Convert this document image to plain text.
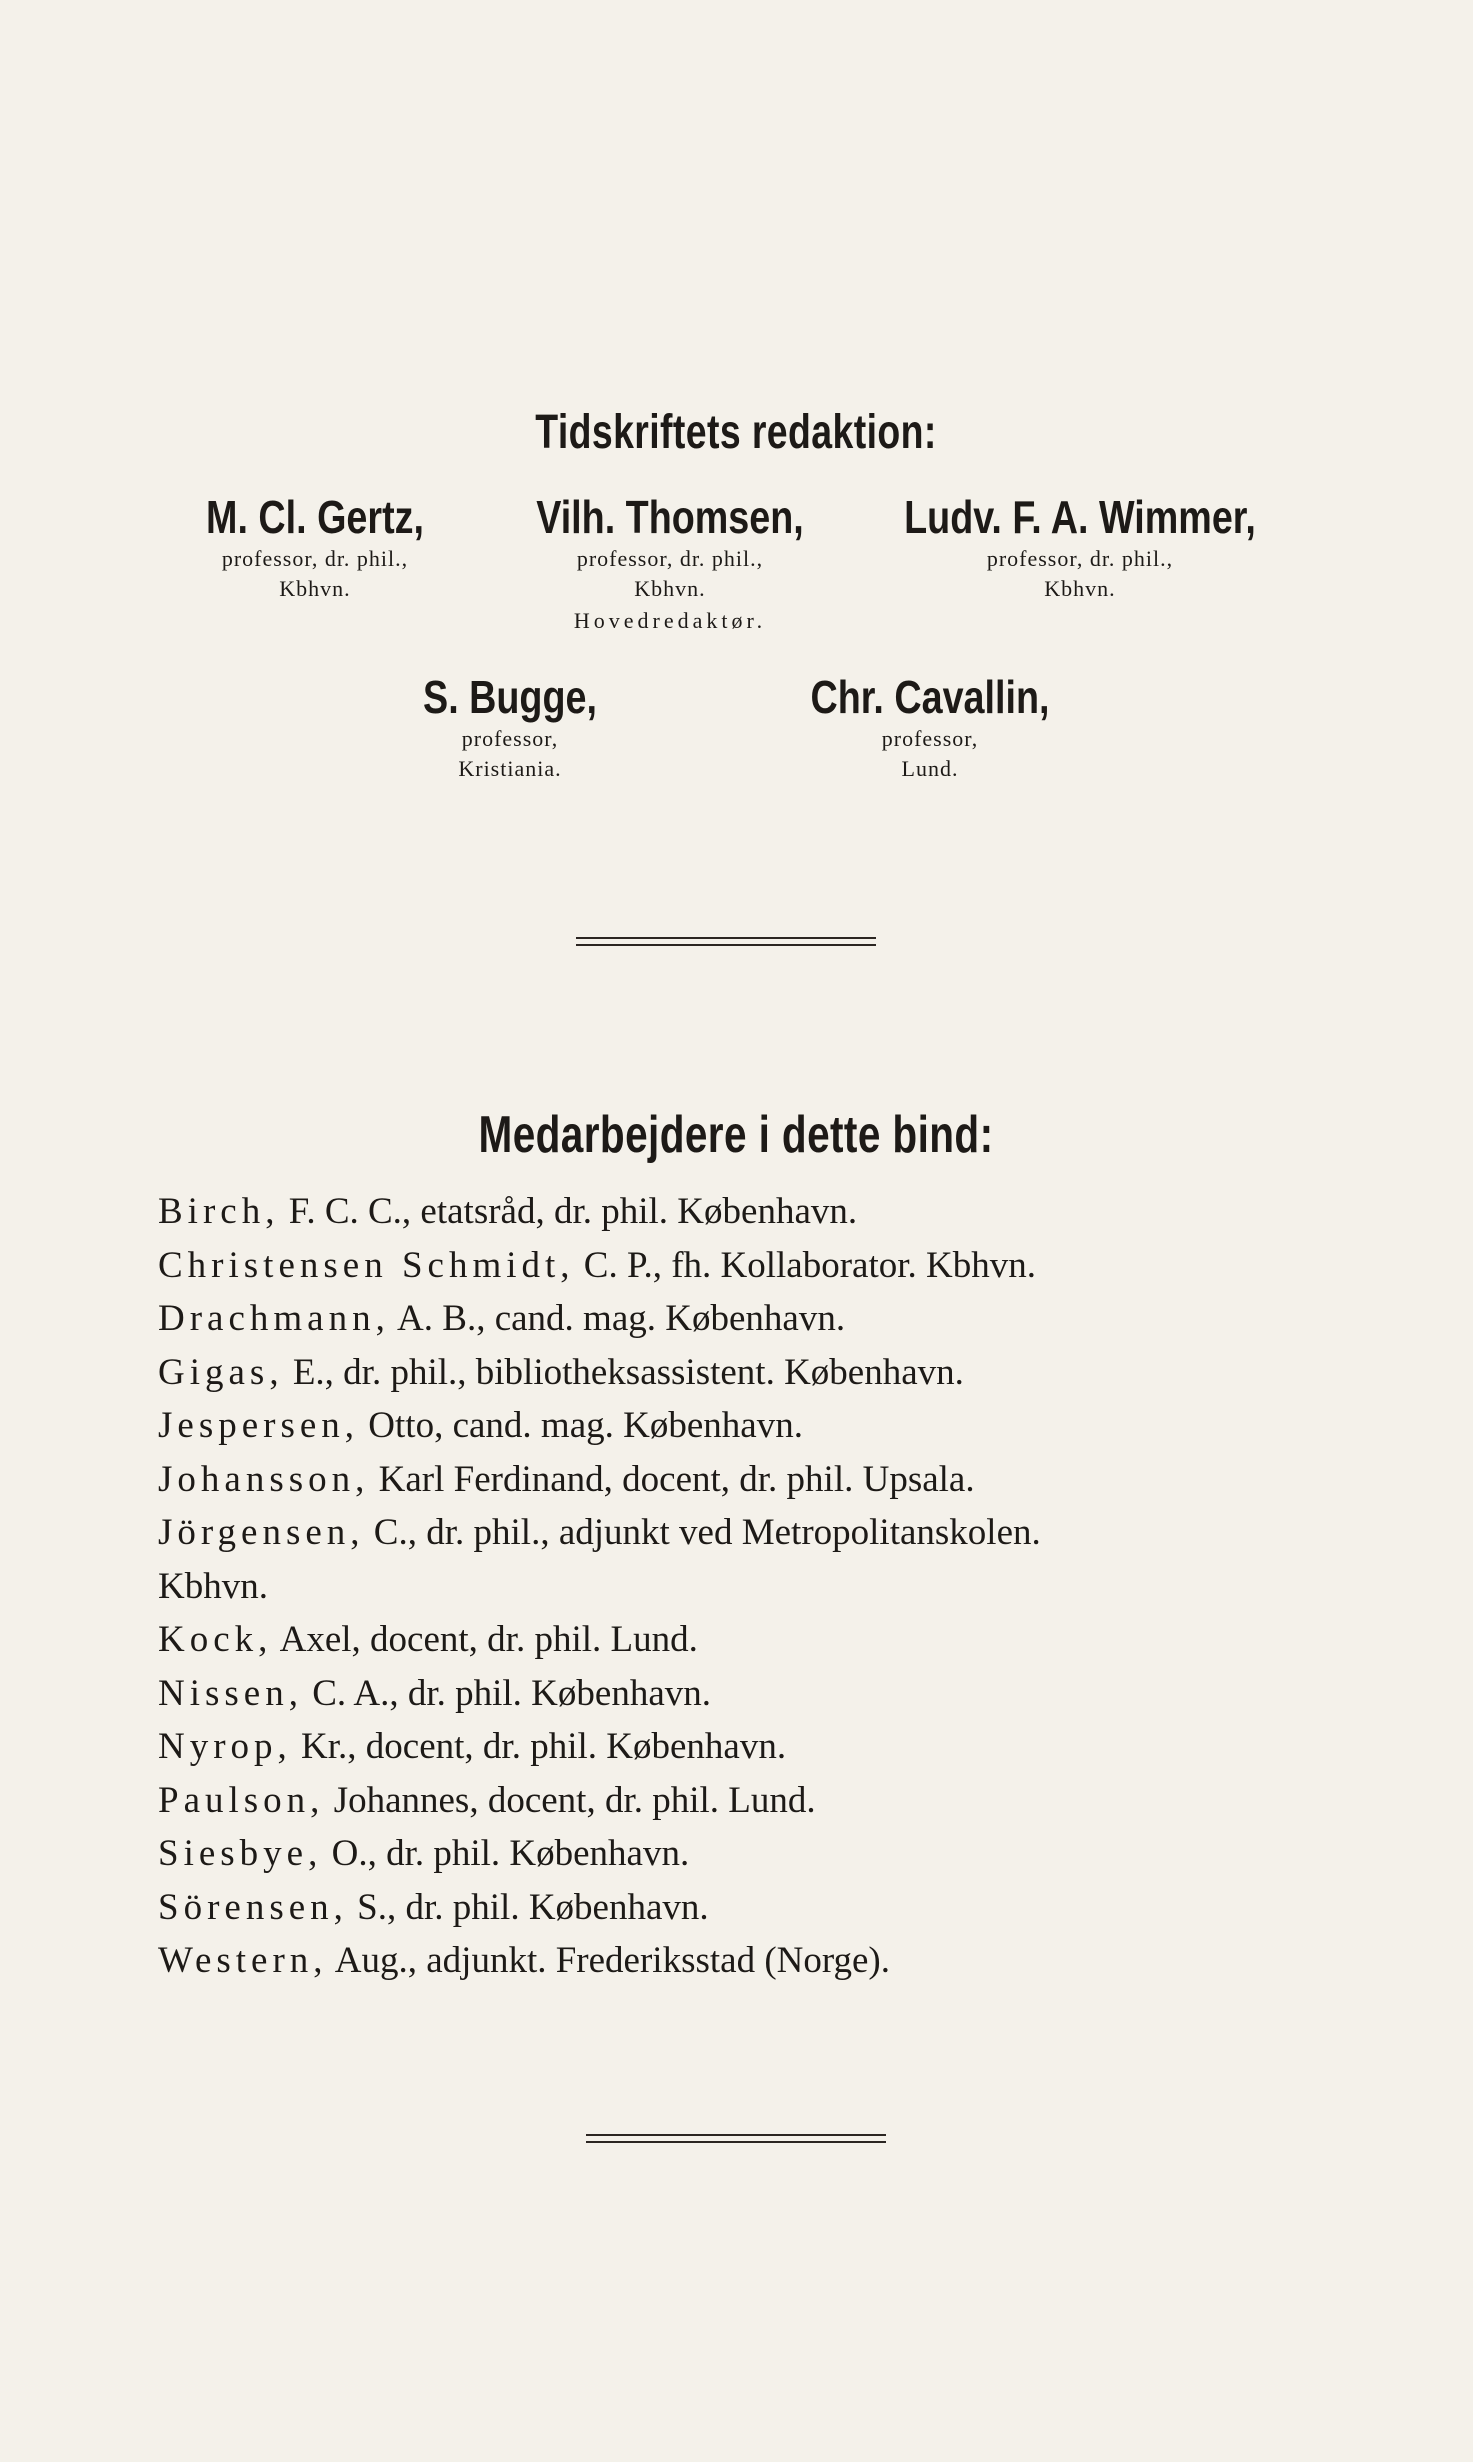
Tidskriftets redaktion:
M. Cl. Gertz,
professor, dr. phil.,
Kbhvn.
Vilh. Thomsen,
professor, dr. phil.,
Kbhvn.
Hovedredaktør.
Ludv. F. A. Wimmer,
professor, dr. phil.,
Kbhvn.
S. Bugge,
professor,
Kristiania.
Chr. Cavallin,
professor,
Lund.
Medarbejdere i dette bind:
Birch, F. C. C., etatsråd, dr. phil. København.
Christensen Schmidt, C. P., fh. Kollaborator. Kbhvn.
Drachmann, A. B., cand. mag. København.
Gigas, E., dr. phil., bibliotheksassistent. København.
Jespersen, Otto, cand. mag. København.
Johansson, Karl Ferdinand, docent, dr. phil. Upsala.
Jörgensen, C., dr. phil., adjunkt ved Metropolitanskolen.
Kbhvn.
Kock, Axel, docent, dr. phil. Lund.
Nissen, C. A., dr. phil. København.
Nyrop, Kr., docent, dr. phil. København.
Paulson, Johannes, docent, dr. phil. Lund.
Siesbye, O., dr. phil. København.
Sörensen, S., dr. phil. København.
Western, Aug., adjunkt. Frederiksstad (Norge).
